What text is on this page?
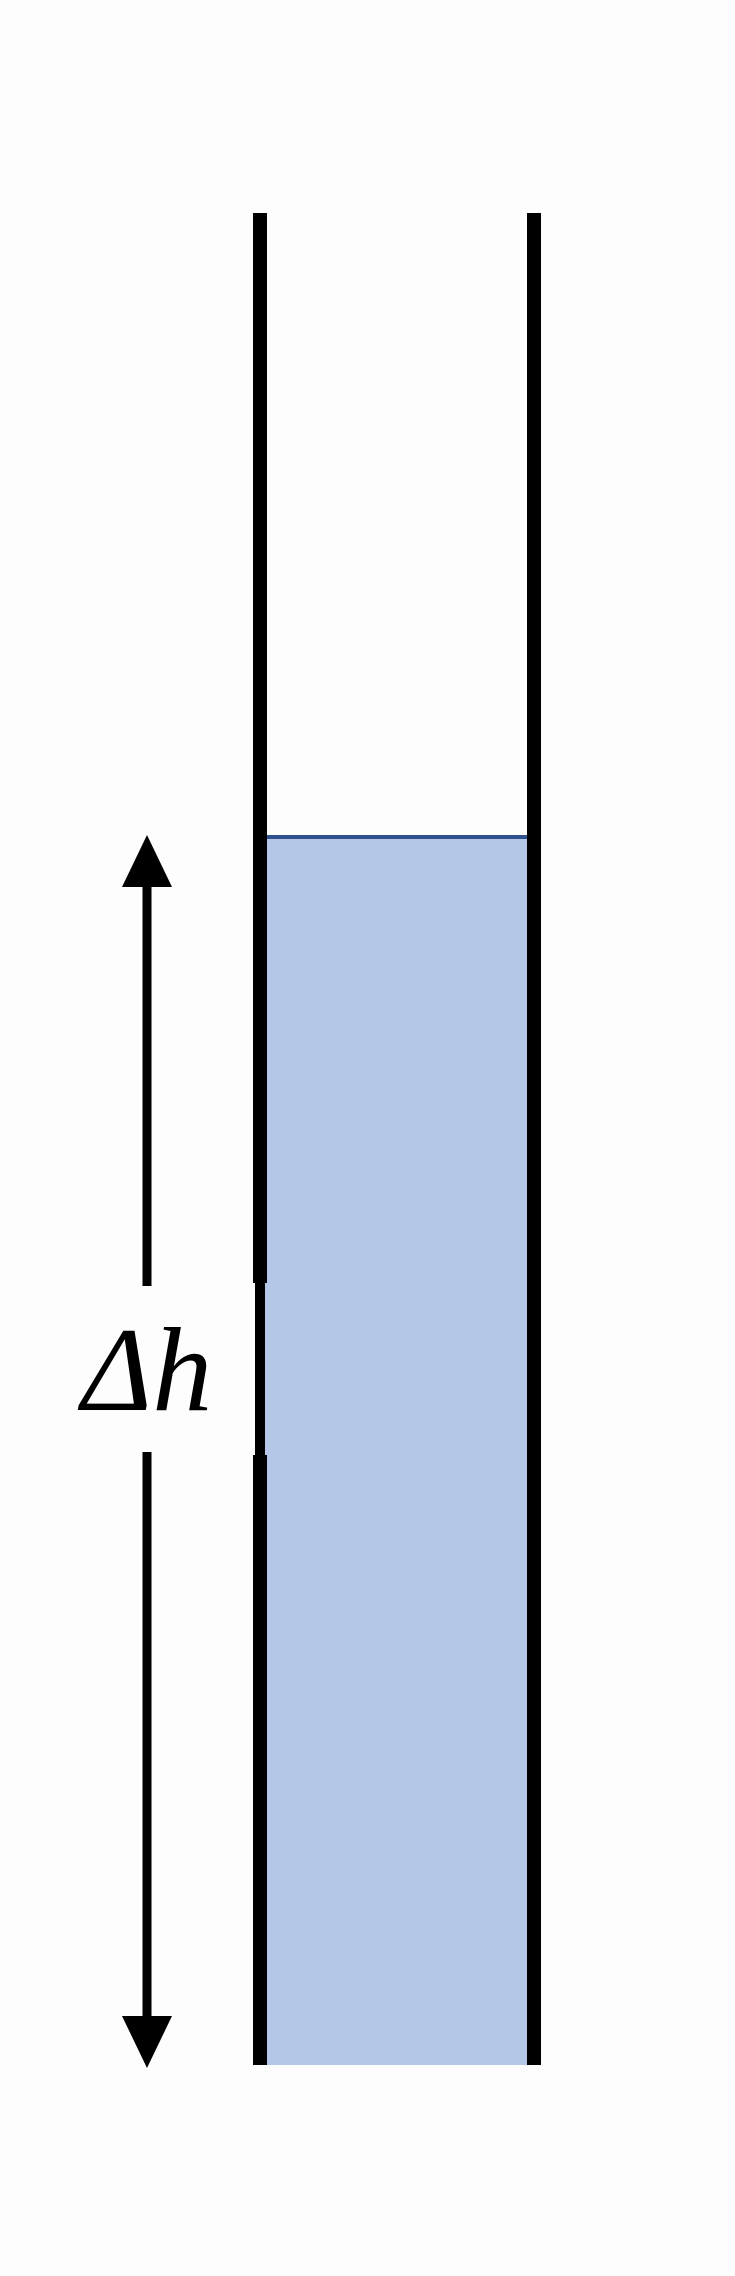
Δh
